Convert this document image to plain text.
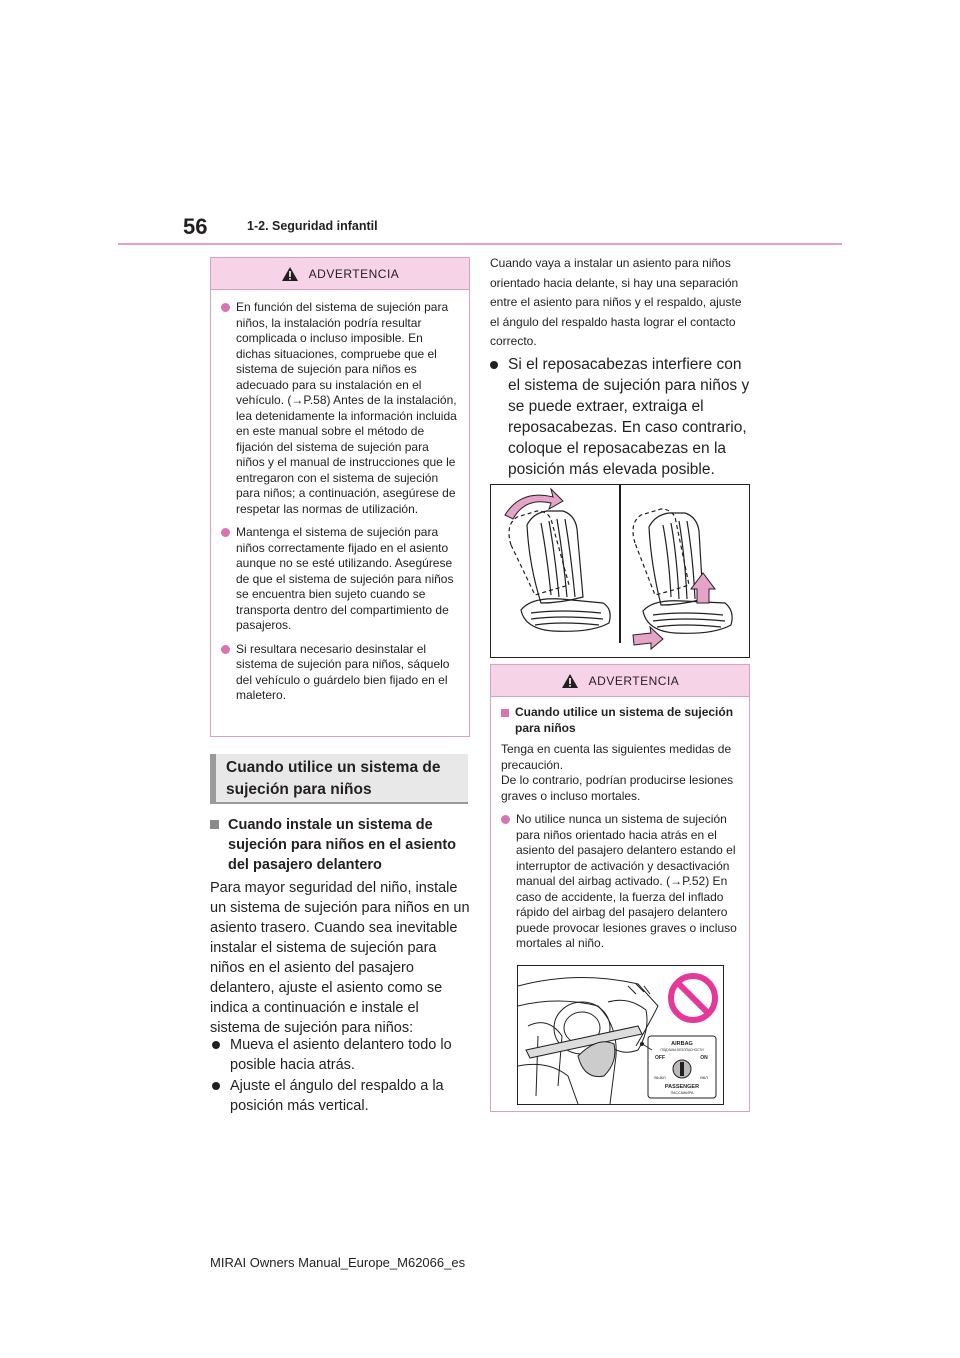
56	1-2. Seguridad infantil
ADVERTENCIA
En función del sistema de sujeción para niños, la instalación podría resultar complicada o incluso imposible. En dichas situaciones, compruebe que el sistema de sujeción para niños es adecuado para su instalación en el vehículo. (→P.58) Antes de la instalación, lea detenidamente la información incluida en este manual sobre el método de fijación del sistema de sujeción para niños y el manual de instrucciones que le entregaron con el sistema de sujeción para niños; a continuación, asegúrese de respetar las normas de utilización.
Mantenga el sistema de sujeción para niños correctamente fijado en el asiento aunque no se esté utilizando. Asegúrese de que el sistema de sujeción para niños se encuentra bien sujeto cuando se transporta dentro del compartimiento de pasajeros.
Si resultara necesario desinstalar el sistema de sujeción para niños, sáquelo del vehículo o guárdelo bien fijado en el maletero.
Cuando utilice un sistema de sujeción para niños
Cuando instale un sistema de sujeción para niños en el asiento del pasajero delantero
Para mayor seguridad del niño, instale un sistema de sujeción para niños en un asiento trasero. Cuando sea inevitable instalar el sistema de sujeción para niños en el asiento del pasajero delantero, ajuste el asiento como se indica a continuación e instale el sistema de sujeción para niños:
Mueva el asiento delantero todo lo posible hacia atrás.
Ajuste el ángulo del respaldo a la posición más vertical.
Cuando vaya a instalar un asiento para niños orientado hacia delante, si hay una separación entre el asiento para niños y el respaldo, ajuste el ángulo del respaldo hasta lograr el contacto correcto.
Si el reposacabezas interfiere con el sistema de sujeción para niños y se puede extraer, extraiga el reposacabezas. En caso contrario, coloque el reposacabezas en la posición más elevada posible.
ADVERTENCIA
Cuando utilice un sistema de sujeción para niños
Tenga en cuenta las siguientes medidas de precaución.
De lo contrario, podrían producirse lesiones graves o incluso mortales.
No utilice nunca un sistema de sujeción para niños orientado hacia atrás en el asiento del pasajero delantero estando el interruptor de activación y desactivación manual del airbag activado. (→P.52) En caso de accidente, la fuerza del inflado rápido del airbag del pasajero delantero puede provocar lesiones graves o incluso mortales al niño.
AIRBAG
ПОДУШКА БЕЗОПАСНОСТИ
OFF	ON
ВЫКЛ	ВКЛ
PASSENGER
ПАССАЖИРА
MIRAI Owners Manual_Europe_M62066_es
